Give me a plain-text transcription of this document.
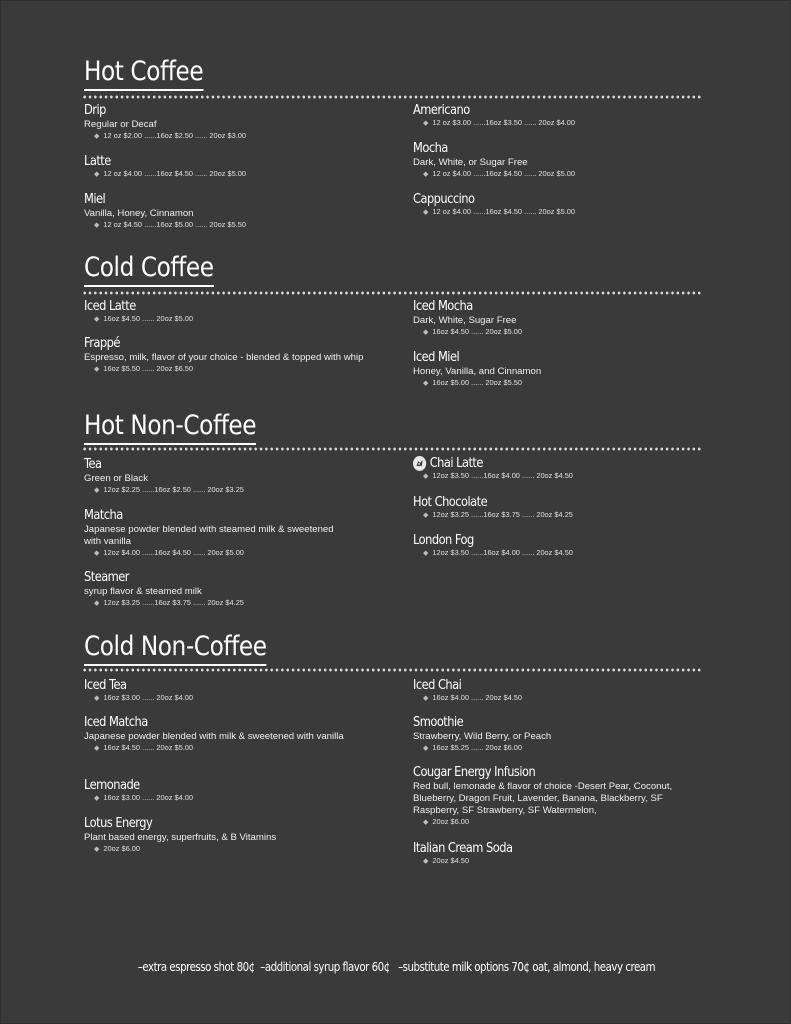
Hot Coffee
Drip
Regular or Decaf
◆ 12 oz $2.00 ......16oz $2.50 ...... 20oz $3.00
Latte
◆ 12 oz $4.00 ......16oz $4.50 ...... 20oz $5.00
Miel
Vanilla, Honey, Cinnamon
◆ 12 oz $4.50 ......16oz $5.00 ...... 20oz $5.50
Americano
◆ 12 oz $3.00 ......16oz $3.50 ...... 20oz $4.00
Mocha
Dark, White, or Sugar Free
◆ 12 oz $4.00 ......16oz $4.50 ...... 20oz $5.00
Cappuccino
◆ 12 oz $4.00 ......16oz $4.50 ...... 20oz $5.00
Cold Coffee
Iced Latte
◆ 16oz $4.50 ...... 20oz $5.00
Frappé
Espresso, milk, flavor of your choice - blended & topped with whip
◆ 16oz $5.50 ...... 20oz $6.50
Iced Mocha
Dark, White, Sugar Free
◆ 16oz $4.50 ...... 20oz $5.00
Iced Miel
Honey, Vanilla, and Cinnamon
◆ 16oz $5.00 ...... 20oz $5.50
Hot Non-Coffee
Tea
Green or Black
◆ 12oz $2.25 ......16oz $2.50 ...... 20oz $3.25
Matcha
Japanese powder blended with steamed milk & sweetened with vanilla
◆ 12oz $4.00 ......16oz $4.50 ...... 20oz $5.00
Steamer
syrup flavor & steamed milk
◆ 12oz $3.25 ......16oz $3.75 ...... 20oz $4.25
Chai Latte
◆ 12oz $3.50 ......16oz $4.00 ...... 20oz $4.50
Hot Chocolate
◆ 12oz $3.25 ......16oz $3.75 ...... 20oz $4.25
London Fog
◆ 12oz $3.50 ......16oz $4.00 ...... 20oz $4.50
Cold Non-Coffee
Iced Tea
◆ 16oz $3.00 ...... 20oz $4.00
Iced Matcha
Japanese powder blended with milk & sweetened with vanilla
◆ 16oz $4.50 ...... 20oz $5.00
Lemonade
◆ 16oz $3.00 ...... 20oz $4.00
Lotus Energy
Plant based energy, superfruits, & B Vitamins
◆ 20oz $6.00
Iced Chai
◆ 16oz $4.00 ...... 20oz $4.50
Smoothie
Strawberry, Wild Berry, or Peach
◆ 16oz $5.25 ...... 20oz $6.00
Cougar Energy Infusion
Red bull, lemonade & flavor of choice -Desert Pear, Coconut, Blueberry, Dragon Fruit, Lavender, Banana, Blackberry, SF Raspberry, SF Strawberry, SF Watermelon,
◆ 20oz $6.00
Italian Cream Soda
◆ 20oz $4.50
–extra espresso shot 80¢  –additional syrup flavor 60¢   –substitute milk options 70¢ oat, almond, heavy cream
